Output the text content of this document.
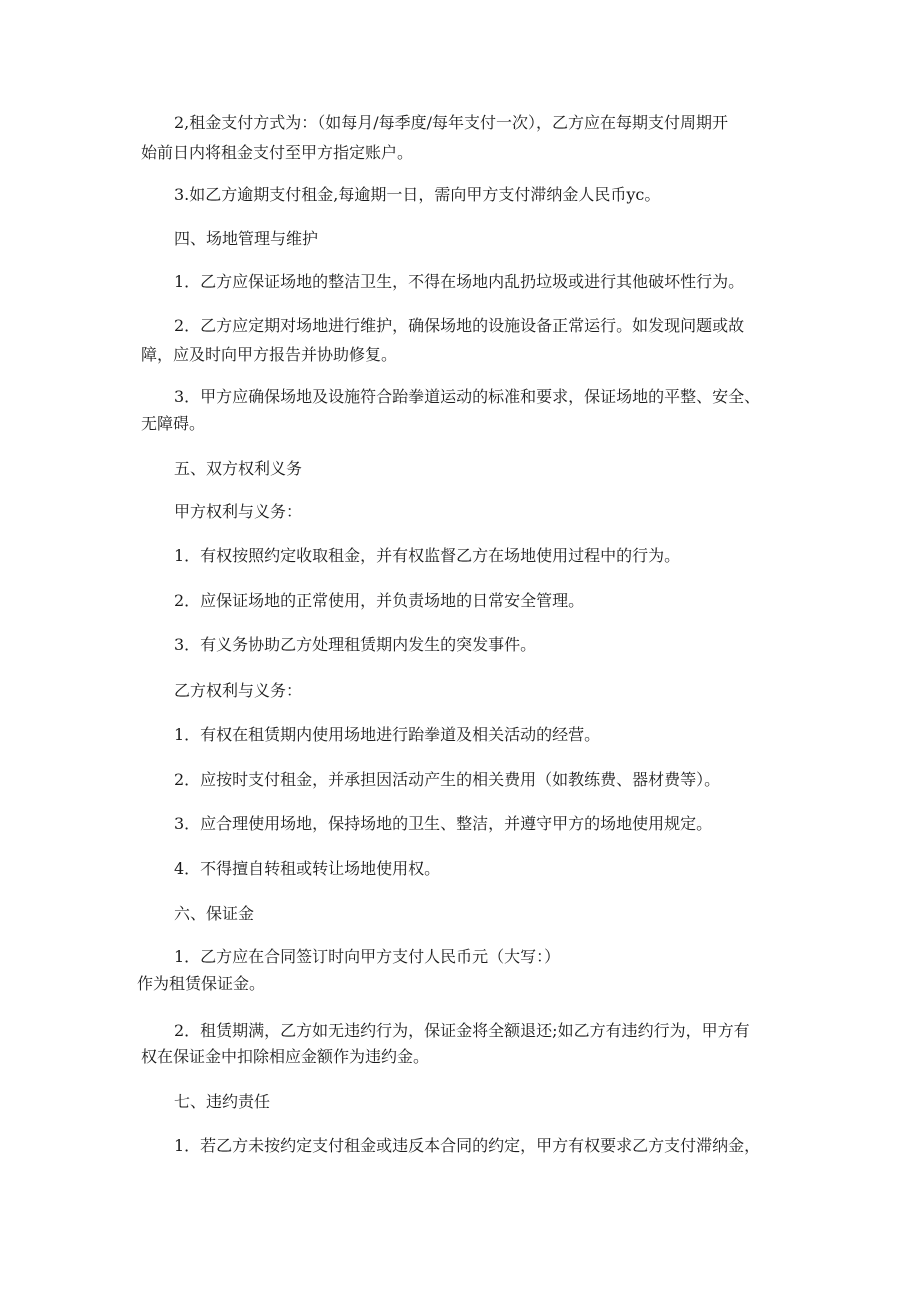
2,租金支付方式为：（如每月/每季度/每年支付一次），乙方应在每期支付周期开
始前日内将租金支付至甲方指定账户。
3.如乙方逾期支付租金,每逾期一日，需向甲方支付滞纳金人民币yc。
四、场地管理与维护
1．乙方应保证场地的整洁卫生，不得在场地内乱扔垃圾或进行其他破坏性行为。
2．乙方应定期对场地进行维护，确保场地的设施设备正常运行。如发现问题或故
障，应及时向甲方报告并协助修复。
3．甲方应确保场地及设施符合跆拳道运动的标准和要求，保证场地的平整、安全、
无障碍。
五、双方权利义务
甲方权利与义务：
1．有权按照约定收取租金，并有权监督乙方在场地使用过程中的行为。
2．应保证场地的正常使用，并负责场地的日常安全管理。
3．有义务协助乙方处理租赁期内发生的突发事件。
乙方权利与义务：
1．有权在租赁期内使用场地进行跆拳道及相关活动的经营。
2．应按时支付租金，并承担因活动产生的相关费用（如教练费、器材费等）。
3．应合理使用场地，保持场地的卫生、整洁，并遵守甲方的场地使用规定。
4．不得擅自转租或转让场地使用权。
六、保证金
1．乙方应在合同签订时向甲方支付人民币元（大写：）
作为租赁保证金。
2．租赁期满，乙方如无违约行为，保证金将全额退还;如乙方有违约行为，甲方有
权在保证金中扣除相应金额作为违约金。
七、违约责任
1．若乙方未按约定支付租金或违反本合同的约定，甲方有权要求乙方支付滞纳金，
